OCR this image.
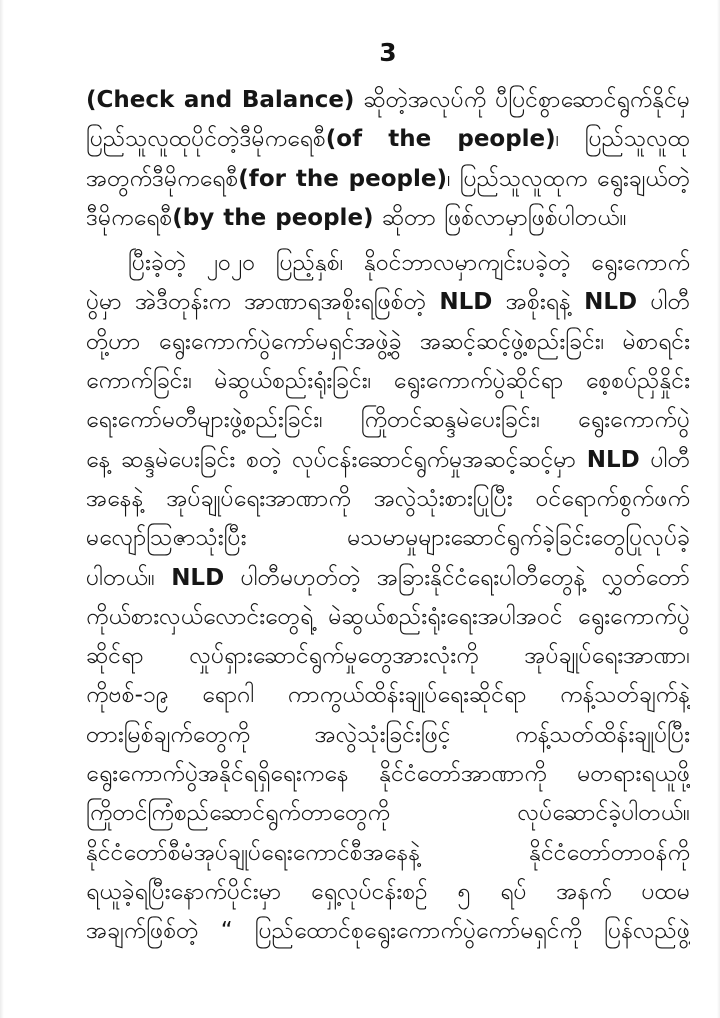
3
(Check and Balance) ဆိုတဲ့အလုပ်ကို ပီပြင်စွာဆောင်ရွက်နိုင်မှ
ပြည်သူလူထုပိုင်တဲ့ဒီမိုကရေစီ(of the people)၊ ပြည်သူလူထု
အတွက်ဒီမိုကရေစီ(for the people)၊ ပြည်သူလူထုက ရွေးချယ်တဲ့
ဒီမိုကရေစီ(by the people) ဆိုတာ ဖြစ်လာမှာဖြစ်ပါတယ်။
ပြီးခဲ့တဲ့ ၂၀၂၀ ပြည့်နှစ်၊ နိုဝင်ဘာလမှာကျင်းပခဲ့တဲ့ ရွေးကောက်
ပွဲမှာ အဲဒီတုန်းက အာဏာရအစိုးရဖြစ်တဲ့ NLD အစိုးရနဲ့ NLD ပါတီ
တို့ဟာ ရွေးကောက်ပွဲကော်မရှင်အဖွဲ့ခွဲ အဆင့်ဆင့်ဖွဲ့စည်းခြင်း၊ မဲစာရင်း
ကောက်ခြင်း၊ မဲဆွယ်စည်းရုံးခြင်း၊ ရွေးကောက်ပွဲဆိုင်ရာ စေ့စပ်ညှိနှိုင်း
ရေးကော်မတီများဖွဲ့စည်းခြင်း၊ ကြိုတင်ဆန္ဒမဲပေးခြင်း၊ ရွေးကောက်ပွဲ
နေ့ ဆန္ဒမဲပေးခြင်း စတဲ့ လုပ်ငန်းဆောင်ရွက်မှုအဆင့်ဆင့်မှာ NLD ပါတီ
အနေနဲ့ အုပ်ချုပ်ရေးအာဏာကို အလွဲသုံးစားပြုပြီး ဝင်ရောက်စွက်ဖက်
မလျော်ဩဇာသုံးပြီး မသမာမှုများဆောင်ရွက်ခဲ့ခြင်းတွေပြုလုပ်ခဲ့
ပါတယ်။ NLD ပါတီမဟုတ်တဲ့ အခြားနိုင်ငံရေးပါတီတွေနဲ့ လွှတ်တော်
ကိုယ်စားလှယ်လောင်းတွေရဲ့ မဲဆွယ်စည်းရုံးရေးအပါအဝင် ရွေးကောက်ပွဲ
ဆိုင်ရာ လှုပ်ရှားဆောင်ရွက်မှုတွေအားလုံးကို အုပ်ချုပ်ရေးအာဏာ၊
ကိုဗစ်-၁၉ ရောဂါ ကာကွယ်ထိန်းချုပ်ရေးဆိုင်ရာ ကန့်သတ်ချက်နဲ့
တားမြစ်ချက်တွေကို အလွဲသုံးခြင်းဖြင့် ကန့်သတ်ထိန်းချုပ်ပြီး
ရွေးကောက်ပွဲအနိုင်ရရှိရေးကနေ နိုင်ငံတော်အာဏာကို မတရားရယူဖို့
ကြိုတင်ကြံစည်ဆောင်ရွက်တာတွေကို လုပ်ဆောင်ခဲ့ပါတယ်။
နိုင်ငံတော်စီမံအုပ်ချုပ်ရေးကောင်စီအနေနဲ့ နိုင်ငံတော်တာဝန်ကို
ရယူခဲ့ရပြီးနောက်ပိုင်းမှာ ရှေ့လုပ်ငန်းစဉ် ၅ ရပ် အနက် ပထမ
အချက်ဖြစ်တဲ့ “ ပြည်ထောင်စုရွေးကောက်ပွဲကော်မရှင်ကို ပြန်လည်ဖွဲ့
